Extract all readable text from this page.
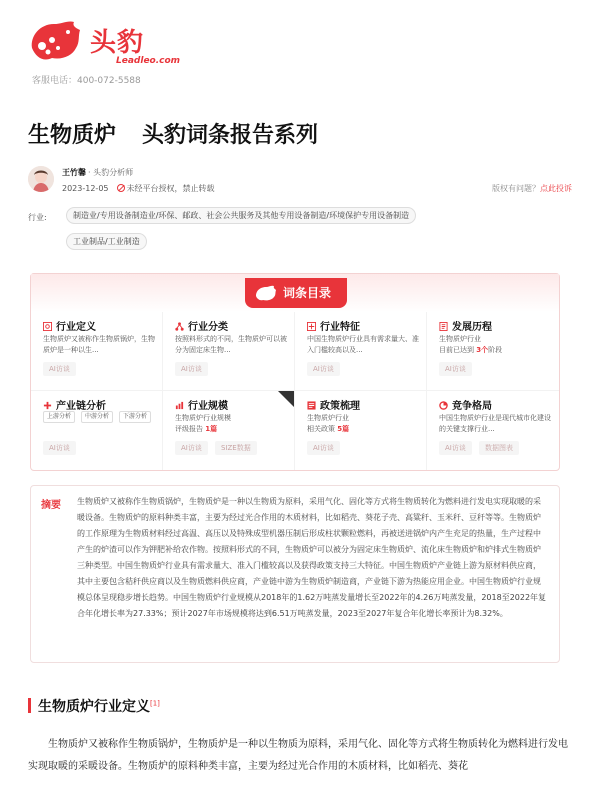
头豹
Leadleo.com
客服电话：400-072-5588
生物质炉 头豹词条报告系列
王竹馨 · 头豹分析师
2023-12-05 未经平台授权，禁止转载	版权有问题？点此投诉
行业:	制造业/专用设备制造业/环保、邮政、社会公共服务及其他专用设备制造/环境保护专用设备制造
工业制品/工业制造
词条目录
行业定义
生物质炉又被称作生物质锅炉，生物质炉是一种以生...
AI访谈
行业分类
按照料形式的不同，生物质炉可以被分为固定床生物...
AI访谈
行业特征
中国生物质炉行业具有需求量大、准入门槛较高以及...
AI访谈
发展历程
生物质炉行业
目前已达到 3个阶段
AI访谈
产业链分析
上游分析	中游分析	下游分析
AI访谈
行业规模
生物质炉行业规模
评级报告 1篇
AI访谈	SIZE数据
政策梳理
生物质炉行业
相关政策 5篇
AI访谈
竞争格局
中国生物质炉行业是现代城市化建设的关键支撑行业...
AI访谈	数据图表
摘要 生物质炉又被称作生物质锅炉，生物质炉是一种以生物质为原料，采用气化、固化等方式将生物质转化为燃料进行发电实现取暖的采暖设备。生物质炉的原料种类丰富，主要为经过光合作用的木质材料，比如稻壳、葵花子壳、高粱秆、玉米秆、豆秆等等。生物质炉的工作原理为生物质材料经过高温、高压以及特殊成型机器压制后形成柱状颗粒燃料，再被送进锅炉内产生充足的热量，生产过程中产生的炉渣可以作为钾肥补给农作物。按照料形式的不同，生物质炉可以被分为固定床生物质炉、流化床生物质炉和炉排式生物质炉三种类型。中国生物质炉行业具有需求量大、准入门槛较高以及获得政策支持三大特征。中国生物质炉产业链上游为原材料供应商，其中主要包含秸秆供应商以及生物质燃料供应商，产业链中游为生物质炉制造商，产业链下游为热能应用企业。中国生物质炉行业规模总体呈现稳步增长趋势。中国生物质炉行业规模从2018年的1.62万吨蒸发量增长至2022年的4.26万吨蒸发量，2018至2022年复合年化增长率为27.33%；预计2027年市场规模将达到6.51万吨蒸发量，2023至2027年复合年化增长率预计为8.32%。
生物质炉行业定义[1]
生物质炉又被称作生物质锅炉，生物质炉是一种以生物质为原料，采用气化、固化等方式将生物质转化为燃料进行发电实现取暖的采暖设备。生物质炉的原料种类丰富，主要为经过光合作用的木质材料，比如稻壳、葵花
